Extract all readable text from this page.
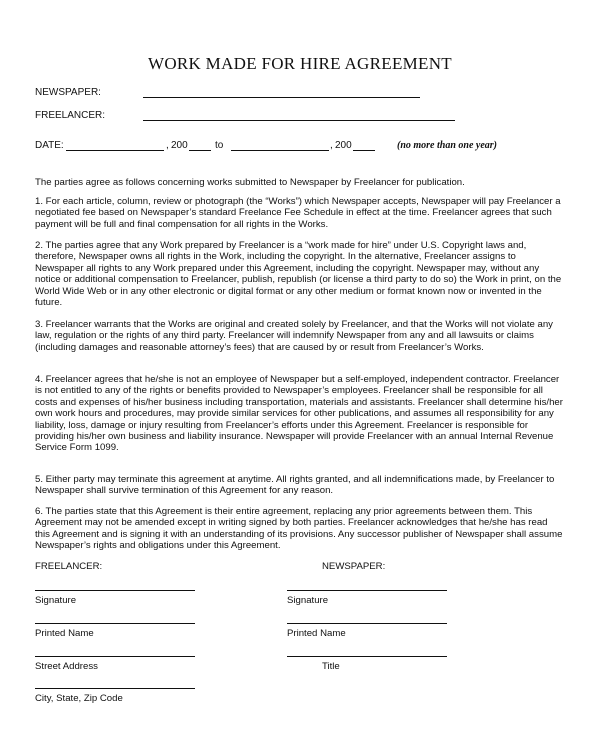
WORK MADE FOR HIRE AGREEMENT
NEWSPAPER:
FREELANCER:
DATE:	, 200	to	, 200	(no more than one year)

The parties agree as follows concerning works submitted to Newspaper by Freelancer for publication.

1. For each article, column, review or photograph (the “Works”) which Newspaper accepts, Newspaper will pay Freelancer a negotiated fee based on Newspaper’s standard Freelance Fee Schedule in effect at the time. Freelancer agrees that such payment will be full and final compensation for all rights in the Works.

2. The parties agree that any Work prepared by Freelancer is a “work made for hire” under U.S. Copyright laws and, therefore, Newspaper owns all rights in the Work, including the copyright. In the alternative, Freelancer assigns to Newspaper all rights to any Work prepared under this Agreement, including the copyright. Newspaper may, without any notice or additional compensation to Freelancer, publish, republish (or license a third party to do so) the Work in print, on the World Wide Web or in any other electronic or digital format or any other medium or format known now or invented in the future.

3. Freelancer warrants that the Works are original and created solely by Freelancer, and that the Works will not violate any law, regulation or the rights of any third party. Freelancer will indemnify Newspaper from any and all lawsuits or claims (including damages and reasonable attorney’s fees) that are caused by or result from Freelancer’s Works.

4. Freelancer agrees that he/she is not an employee of Newspaper but a self-employed, independent contractor. Freelancer is not entitled to any of the rights or benefits provided to Newspaper’s employees. Freelancer shall be responsible for all costs and expenses of his/her business including transportation, materials and assistants. Freelancer shall determine his/her own work hours and procedures, may provide similar services for other publications, and assumes all responsibility for any liability, loss, damage or injury resulting from Freelancer’s efforts under this Agreement. Freelancer is responsible for providing his/her own business and liability insurance. Newspaper will provide Freelancer with an annual Internal Revenue Service Form 1099.

5. Either party may terminate this agreement at anytime. All rights granted, and all indemnifications made, by Freelancer to Newspaper shall survive termination of this Agreement for any reason.

6. The parties state that this Agreement is their entire agreement, replacing any prior agreements between them. This Agreement may not be amended except in writing signed by both parties. Freelancer acknowledges that he/she has read this Agreement and is signing it with an understanding of its provisions. Any successor publisher of Newspaper shall assume Newspaper’s rights and obligations under this Agreement.

FREELANCER:	NEWSPAPER:
Signature	Signature
Printed Name	Printed Name
Street Address	Title
City, State, Zip Code
